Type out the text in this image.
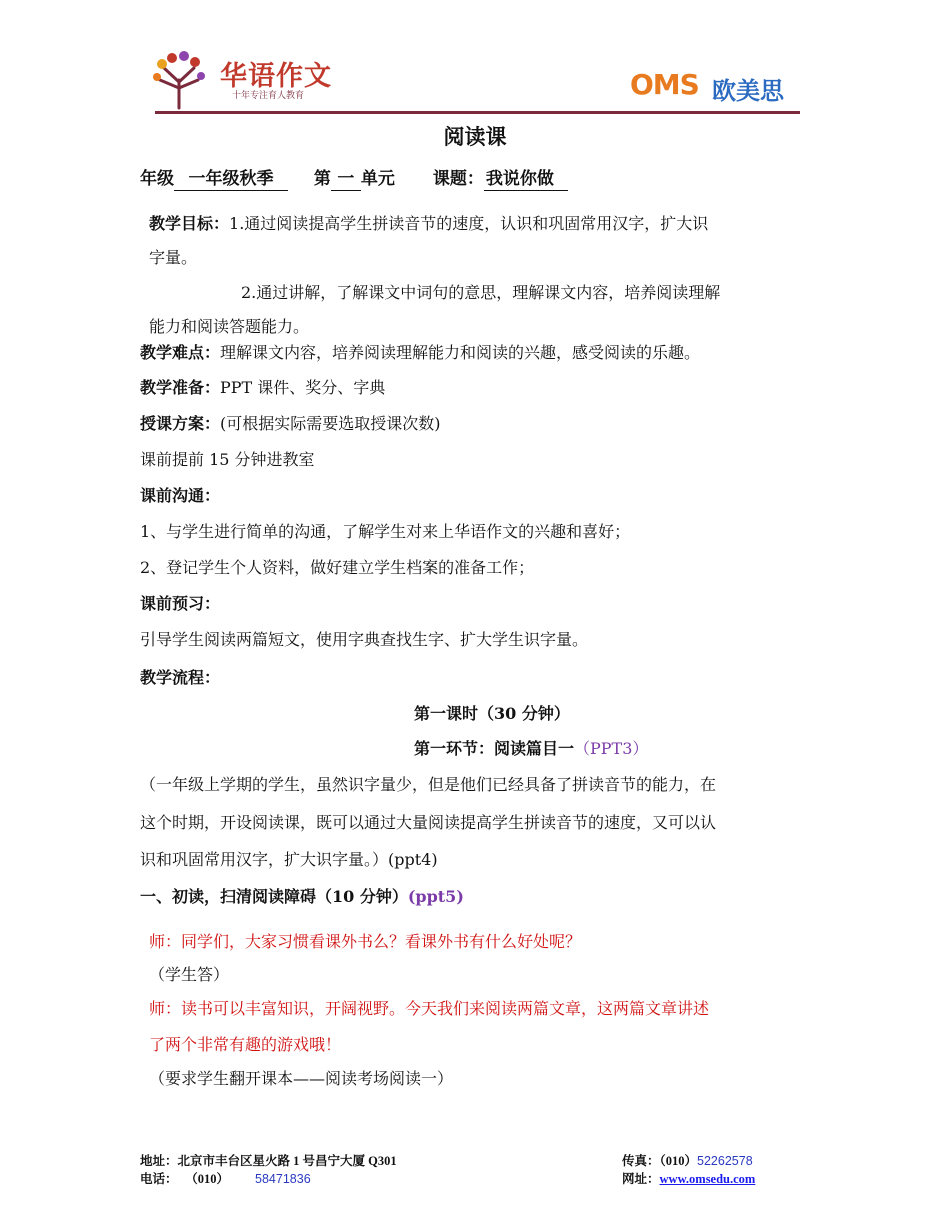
华语作文
十年专注育人教育	OMS 欧美思
阅读课
年级 一年级秋季 第 一 单元 课题： 我说你做
教学目标：1.通过阅读提高学生拼读音节的速度，认识和巩固常用汉字，扩大识
字量。
2.通过讲解，了解课文中词句的意思，理解课文内容，培养阅读理解
能力和阅读答题能力。
教学难点：理解课文内容，培养阅读理解能力和阅读的兴趣，感受阅读的乐趣。
教学准备：PPT 课件、奖分、字典
授课方案：(可根据实际需要选取授课次数)
课前提前 15 分钟进教室
课前沟通：
1、与学生进行简单的沟通，了解学生对来上华语作文的兴趣和喜好；
2、登记学生个人资料，做好建立学生档案的准备工作；
课前预习：
引导学生阅读两篇短文，使用字典查找生字、扩大学生识字量。
教学流程：
第一课时（30 分钟）
第一环节：阅读篇目一（PPT3）
（一年级上学期的学生，虽然识字量少，但是他们已经具备了拼读音节的能力，在
这个时期，开设阅读课，既可以通过大量阅读提高学生拼读音节的速度，又可以认
识和巩固常用汉字，扩大识字量。）(ppt4)
一、初读，扫清阅读障碍（10 分钟）(ppt5)
师：同学们，大家习惯看课外书么？看课外书有什么好处呢？
（学生答）
师：读书可以丰富知识，开阔视野。今天我们来阅读两篇文章，这两篇文章讲述
了两个非常有趣的游戏哦！
（要求学生翻开课本——阅读考场阅读一）
地址：北京市丰台区星火路 1 号昌宁大厦 Q301
电话： （010） 58471836
传真：（010）52262578
网址：www.omsedu.com
